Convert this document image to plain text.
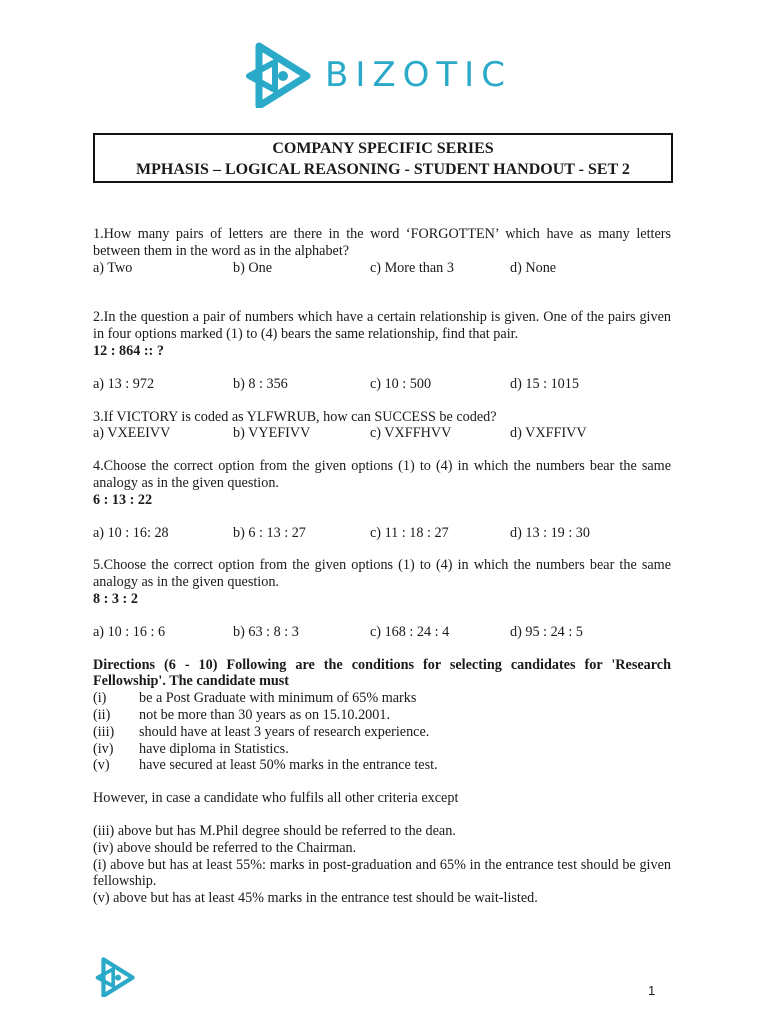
BIZOTIC
COMPANY SPECIFIC SERIES
MPHASIS – LOGICAL REASONING - STUDENT HANDOUT - SET 2
1.How many pairs of letters are there in the word ‘FORGOTTEN’ which have as many letters between them in the word as in the alphabet?
a) Two	b) One	c) More than 3	d) None
2.In the question a pair of numbers which have a certain relationship is given. One of the pairs given in four options marked (1) to (4) bears the same relationship, find that pair.
12 : 864 :: ?
a) 13 : 972	b) 8 : 356	c) 10 : 500	d) 15 : 1015
3.If VICTORY is coded as YLFWRUB, how can SUCCESS be coded?
a) VXEEIVV	b) VYEFIVV	c) VXFFHVV	d) VXFFIVV
4.Choose the correct option from the given options (1) to (4) in which the numbers bear the same analogy as in the given question.
6 : 13 : 22
a) 10 : 16: 28	b) 6 : 13 : 27	c) 11 : 18 : 27	d) 13 : 19 : 30
5.Choose the correct option from the given options (1) to (4) in which the numbers bear the same analogy as in the given question.
8 : 3 : 2
a) 10 : 16 : 6	b) 63 : 8 : 3	c) 168 : 24 : 4	d) 95 : 24 : 5
Directions (6 - 10) Following are the conditions for selecting candidates for 'Research Fellowship'. The candidate must
(i)	be a Post Graduate with minimum of 65% marks
(ii)	not be more than 30 years as on 15.10.2001.
(iii)	should have at least 3 years of research experience.
(iv)	have diploma in Statistics.
(v)	have secured at least 50% marks in the entrance test.
However, in case a candidate who fulfils all other criteria except
(iii) above but has M.Phil degree should be referred to the dean.
(iv) above should be referred to the Chairman.
(i) above but has at least 55%: marks in post-graduation and 65% in the entrance test should be given fellowship.
(v) above but has at least 45% marks in the entrance test should be wait-listed.
1
